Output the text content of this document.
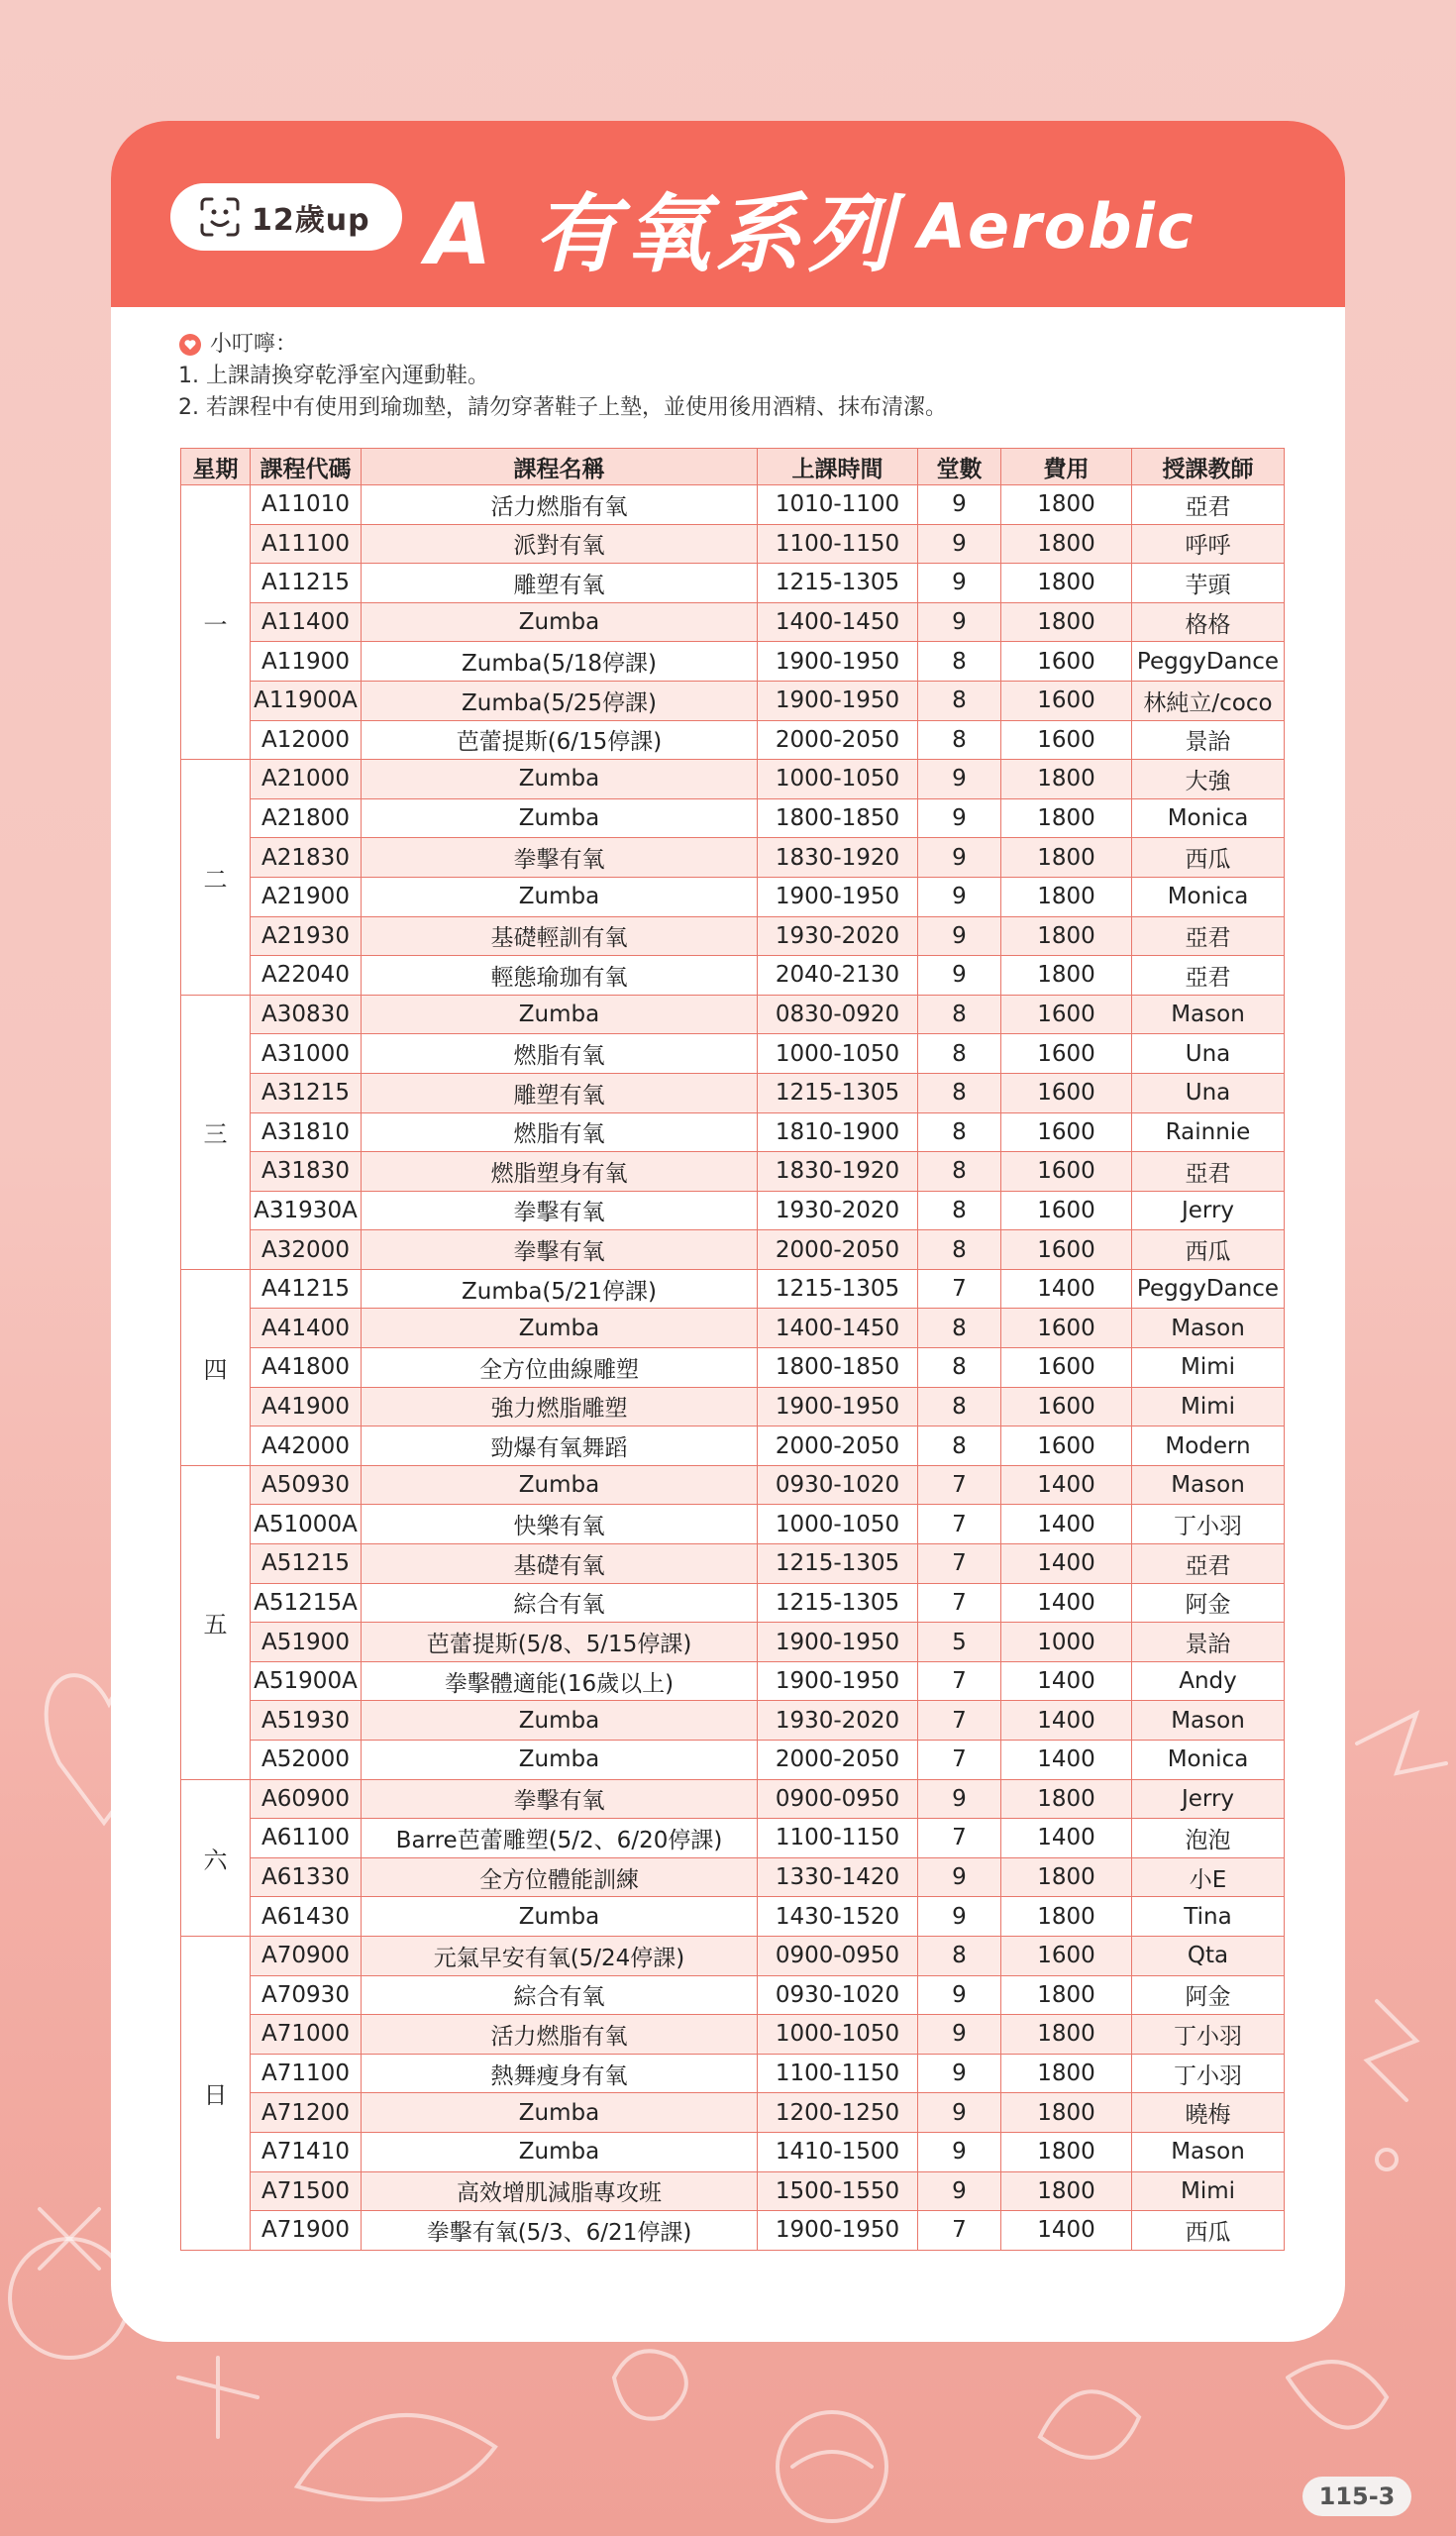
12歲up A 有氧系列 Aerobic
小叮嚀：
1. 上課請換穿乾淨室內運動鞋。
2. 若課程中有使用到瑜珈墊，請勿穿著鞋子上墊，並使用後用酒精、抹布清潔。
星期	課程代碼	課程名稱	上課時間	堂數	費用	授課教師
一	A11010	活力燃脂有氧	1010-1100	9	1800	亞君
	A11100	派對有氧	1100-1150	9	1800	呼呼
	A11215	雕塑有氧	1215-1305	9	1800	芋頭
	A11400	Zumba	1400-1450	9	1800	格格
	A11900	Zumba(5/18停課)	1900-1950	8	1600	PeggyDance
	A11900A	Zumba(5/25停課)	1900-1950	8	1600	林純立/coco
	A12000	芭蕾提斯(6/15停課)	2000-2050	8	1600	景詒
二	A21000	Zumba	1000-1050	9	1800	大強
	A21800	Zumba	1800-1850	9	1800	Monica
	A21830	拳擊有氧	1830-1920	9	1800	西瓜
	A21900	Zumba	1900-1950	9	1800	Monica
	A21930	基礎輕訓有氧	1930-2020	9	1800	亞君
	A22040	輕態瑜珈有氧	2040-2130	9	1800	亞君
三	A30830	Zumba	0830-0920	8	1600	Mason
	A31000	燃脂有氧	1000-1050	8	1600	Una
	A31215	雕塑有氧	1215-1305	8	1600	Una
	A31810	燃脂有氧	1810-1900	8	1600	Rainnie
	A31830	燃脂塑身有氧	1830-1920	8	1600	亞君
	A31930A	拳擊有氧	1930-2020	8	1600	Jerry
	A32000	拳擊有氧	2000-2050	8	1600	西瓜
四	A41215	Zumba(5/21停課)	1215-1305	7	1400	PeggyDance
	A41400	Zumba	1400-1450	8	1600	Mason
	A41800	全方位曲線雕塑	1800-1850	8	1600	Mimi
	A41900	強力燃脂雕塑	1900-1950	8	1600	Mimi
	A42000	勁爆有氧舞蹈	2000-2050	8	1600	Modern
五	A50930	Zumba	0930-1020	7	1400	Mason
	A51000A	快樂有氧	1000-1050	7	1400	丁小羽
	A51215	基礎有氧	1215-1305	7	1400	亞君
	A51215A	綜合有氧	1215-1305	7	1400	阿金
	A51900	芭蕾提斯(5/8、5/15停課)	1900-1950	5	1000	景詒
	A51900A	拳擊體適能(16歲以上)	1900-1950	7	1400	Andy
	A51930	Zumba	1930-2020	7	1400	Mason
	A52000	Zumba	2000-2050	7	1400	Monica
六	A60900	拳擊有氧	0900-0950	9	1800	Jerry
	A61100	Barre芭蕾雕塑(5/2、6/20停課)	1100-1150	7	1400	泡泡
	A61330	全方位體能訓練	1330-1420	9	1800	小E
	A61430	Zumba	1430-1520	9	1800	Tina
日	A70900	元氣早安有氧(5/24停課)	0900-0950	8	1600	Qta
	A70930	綜合有氧	0930-1020	9	1800	阿金
	A71000	活力燃脂有氧	1000-1050	9	1800	丁小羽
	A71100	熱舞瘦身有氧	1100-1150	9	1800	丁小羽
	A71200	Zumba	1200-1250	9	1800	曉梅
	A71410	Zumba	1410-1500	9	1800	Mason
	A71500	高效增肌減脂專攻班	1500-1550	9	1800	Mimi
	A71900	拳擊有氧(5/3、6/21停課)	1900-1950	7	1400	西瓜
115-3
